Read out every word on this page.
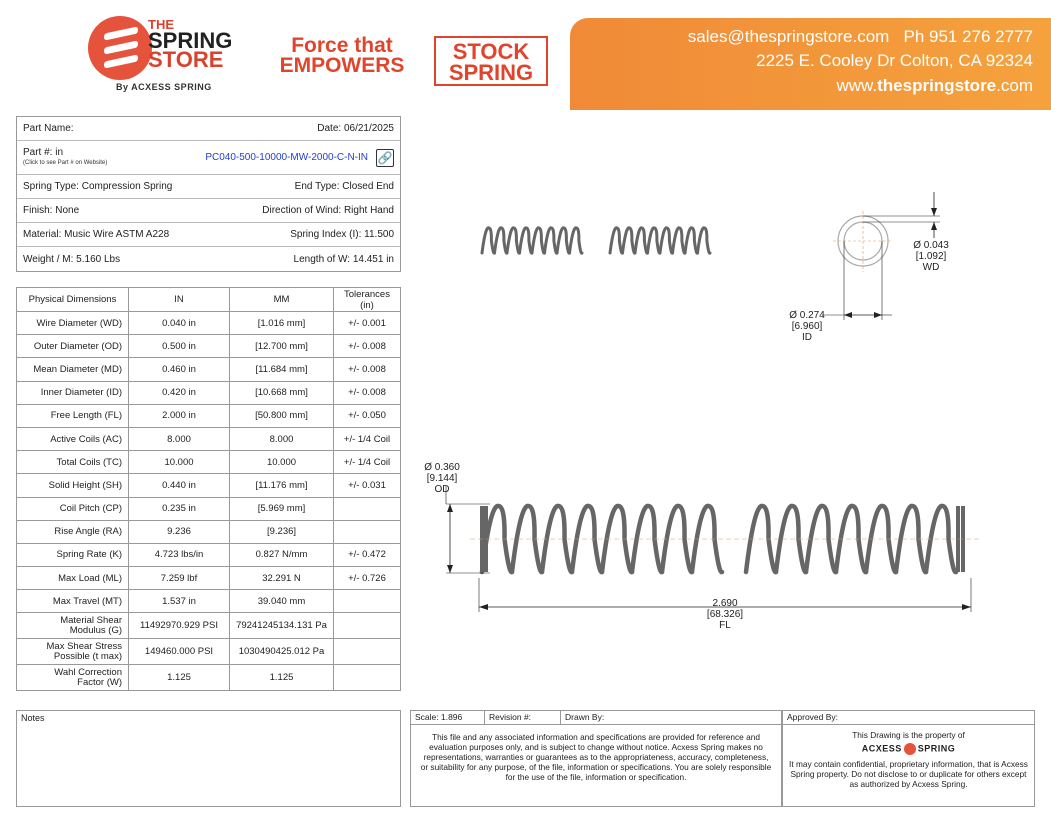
THE
SPRING
STORE
By ACXESS SPRING
Force that
EMPOWERS
STOCK
SPRING
sales@thespringstore.com Ph 951 276 2777
2225 E. Cooley Dr Colton, CA 92324
www.thespringstore.com
Part Name:	Date: 06/21/2025
Part #: in
(Click to see Part # on Website)	PC040-500-10000-MW-2000-C-N-IN 🔗
Spring Type: Compression Spring	End Type: Closed End
Finish: None	Direction of Wind: Right Hand
Material: Music Wire ASTM A228	Spring Index (I): 11.500
Weight / M: 5.160 Lbs	Length of W: 14.451 in
Physical Dimensions	IN	MM	Tolerances (in)
Wire Diameter (WD)	0.040 in	[1.016 mm]	+/- 0.001
Outer Diameter (OD)	0.500 in	[12.700 mm]	+/- 0.008
Mean Diameter (MD)	0.460 in	[11.684 mm]	+/- 0.008
Inner Diameter (ID)	0.420 in	[10.668 mm]	+/- 0.008
Free Length (FL)	2.000 in	[50.800 mm]	+/- 0.050
Active Coils (AC)	8.000	8.000	+/- 1/4 Coil
Total Coils (TC)	10.000	10.000	+/- 1/4 Coil
Solid Height (SH)	0.440 in	[11.176 mm]	+/- 0.031
Coil Pitch (CP)	0.235 in	[5.969 mm]	
Rise Angle (RA)	9.236	[9.236]	
Spring Rate (K)	4.723 lbs/in	0.827 N/mm	+/- 0.472
Max Load (ML)	7.259 lbf	32.291 N	+/- 0.726
Max Travel (MT)	1.537 in	39.040 mm	

Material Shear
Modulus (G)	11492970.929 PSI	79241245134.131 Pa	

Max Shear Stress
Possible (t max)	149460.000 PSI	1030490425.012 Pa	

Wahl Correction
Factor (W)	1.125	1.125	
Ø 0.043
[1.092]
WD
Ø 0.274
[6.960]
ID
Ø 0.360
[9.144]
OD
2.690
[68.326]
FL
Notes	Scale: 1.896	Revision #:	Drawn By:
This file and any associated information and specifications are provided for reference and evaluation purposes only, and is subject to change without notice. Acxess Spring makes no representations, warranties or guarantees as to the appropriateness, accuracy, completeness, or suitability for any purpose, of the file, information or specifications. You are solely responsible for the use of the file, information or specification.
Approved By:
This Drawing is the property of
ACXESS SPRING
It may contain confidential, proprietary information, that is Acxess Spring property. Do not disclose to or duplicate for others except as authorized by Acxess Spring.
